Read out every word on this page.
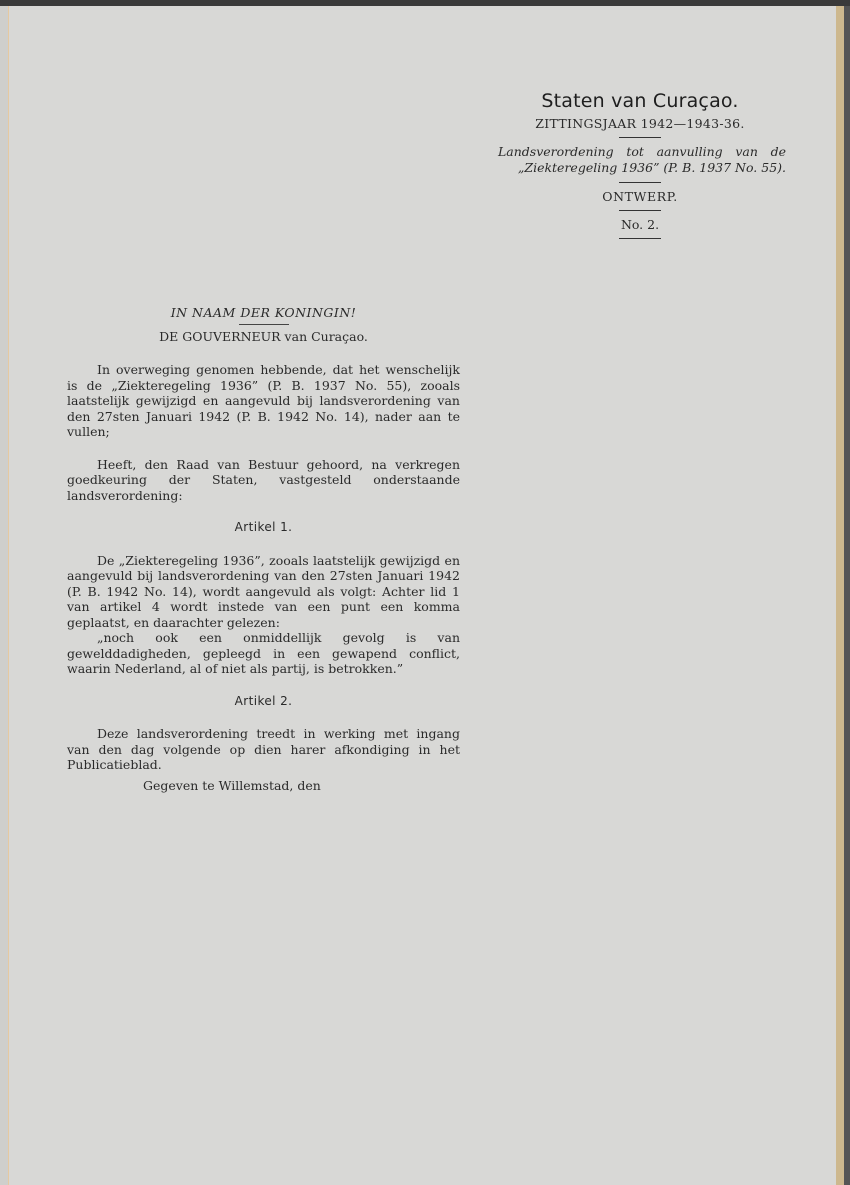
Staten van Curaçao.
ZITTINGSJAAR 1942—1943-36.
Landsverordening tot aanvulling van de „Ziekteregeling 1936” (P. B. 1937 No. 55).
ONTWERP.
No. 2.
IN NAAM DER KONINGIN!
DE GOUVERNEUR van Curaçao.

In overweging genomen hebbende, dat het wenschelijk is de „Ziekteregeling 1936” (P. B. 1937 No. 55), zooals laatstelijk gewijzigd en aangevuld bij landsverordening van den 27sten Januari 1942 (P. B. 1942 No. 14), nader aan te vullen;

Heeft, den Raad van Bestuur gehoord, na verkregen goedkeuring der Staten, vastgesteld onderstaande landsverordening:

Artikel 1.

De „Ziekteregeling 1936”, zooals laatstelijk gewijzigd en aangevuld bij landsverordening van den 27sten Januari 1942 (P. B. 1942 No. 14), wordt aangevuld als volgt: Achter lid 1 van artikel 4 wordt instede van een punt een komma geplaatst, en daarachter gelezen:

„noch ook een onmiddellijk gevolg is van gewelddadigheden, gepleegd in een gewapend conflict, waarin Nederland, al of niet als partij, is betrokken.”

Artikel 2.

Deze landsverordening treedt in werking met ingang van den dag volgende op dien harer afkondiging in het Publicatieblad.

Gegeven te Willemstad, den
